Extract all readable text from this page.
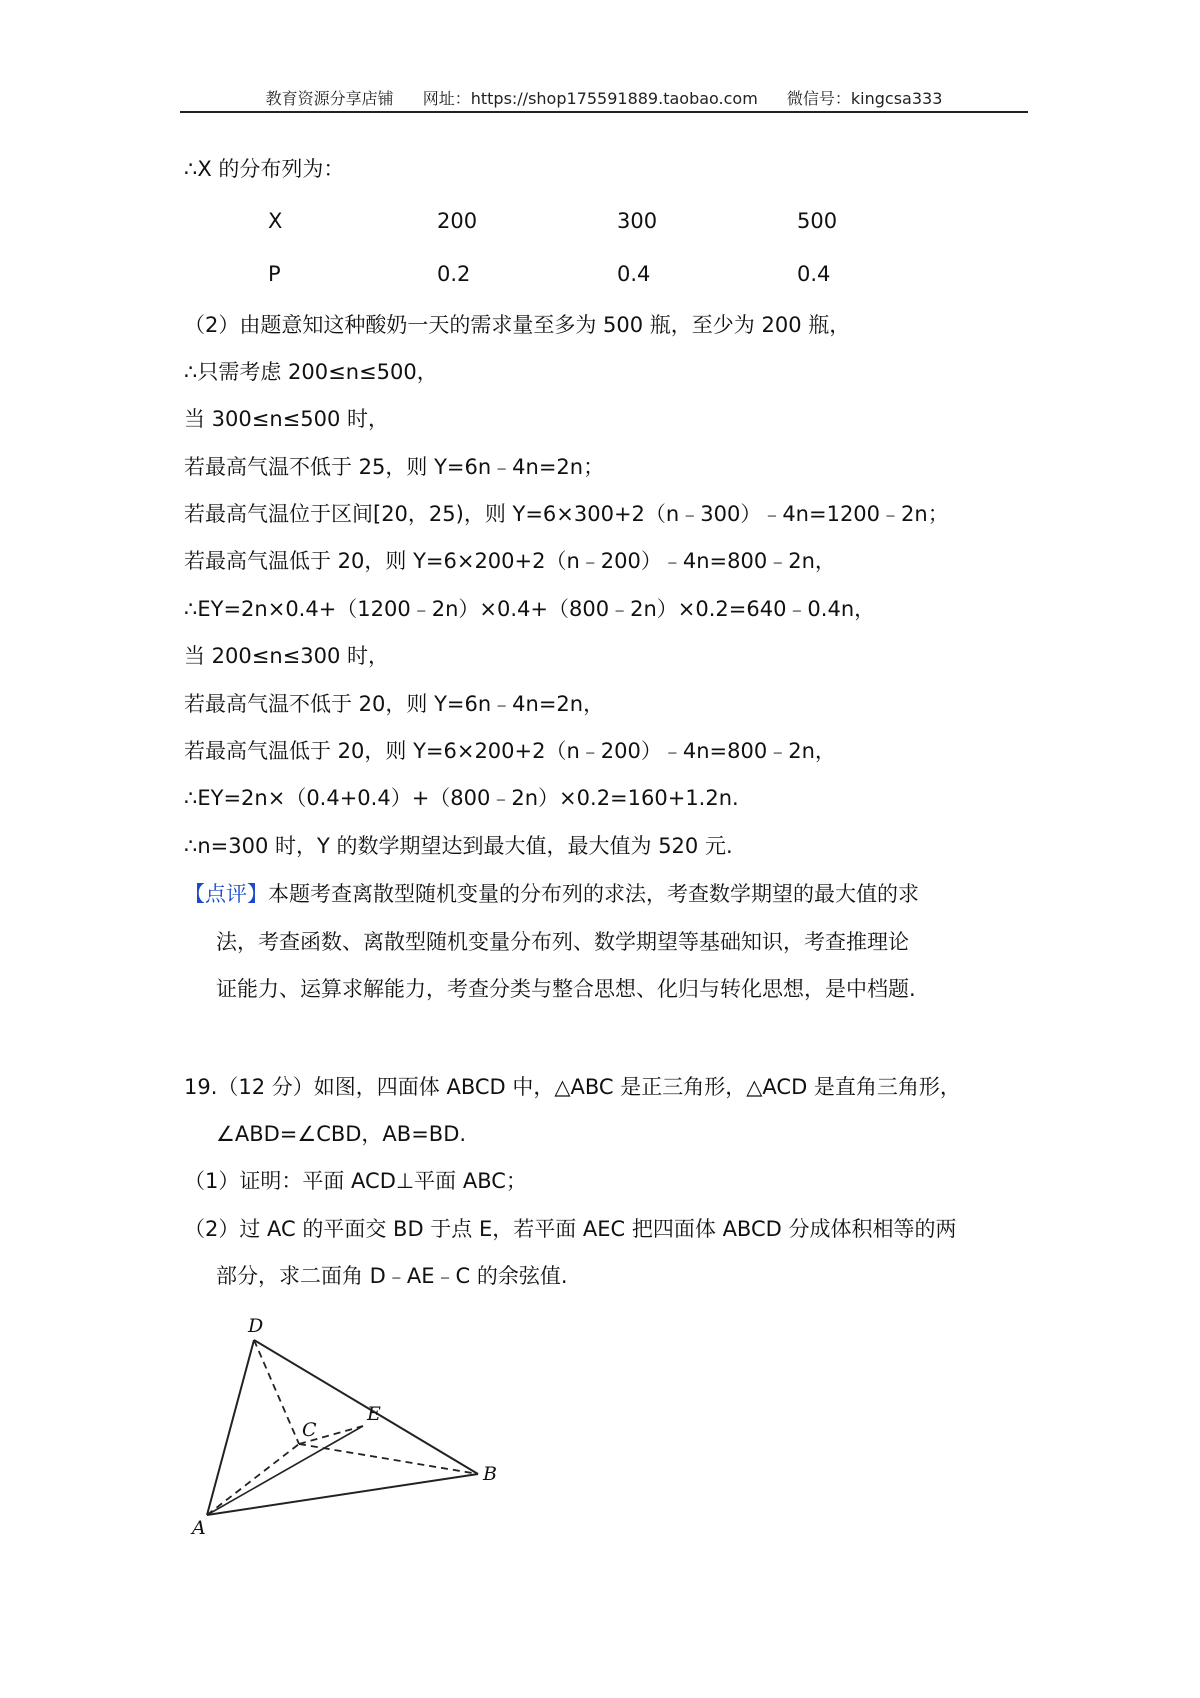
教育资源分享店铺 网址：https://shop175591889.taobao.com 微信号：kingcsa333
∴X 的分布列为：
X	200	300	500
P	0.2	0.4	0.4
（2）由题意知这种酸奶一天的需求量至多为 500 瓶，至少为 200 瓶，
∴只需考虑 200≤n≤500，
当 300≤n≤500 时，
若最高气温不低于 25，则 Y=6n﹣4n=2n；
若最高气温位于区间[20，25)，则 Y=6×300+2（n﹣300）﹣4n=1200﹣2n；
若最高气温低于 20，则 Y=6×200+2（n﹣200）﹣4n=800﹣2n，
∴EY=2n×0.4+（1200﹣2n）×0.4+（800﹣2n）×0.2=640﹣0.4n，
当 200≤n≤300 时，
若最高气温不低于 20，则 Y=6n﹣4n=2n，
若最高气温低于 20，则 Y=6×200+2（n﹣200）﹣4n=800﹣2n，
∴EY=2n×（0.4+0.4）+（800﹣2n）×0.2=160+1.2n.
∴n=300 时，Y 的数学期望达到最大值，最大值为 520 元.
【点评】本题考查离散型随机变量的分布列的求法，考查数学期望的最大值的求
法，考查函数、离散型随机变量分布列、数学期望等基础知识，考查推理论
证能力、运算求解能力，考查分类与整合思想、化归与转化思想，是中档题.
19.（12 分）如图，四面体 ABCD 中，△ABC 是正三角形，△ACD 是直角三角形，
∠ABD=∠CBD，AB=BD.
（1）证明：平面 ACD⊥平面 ABC；
（2）过 AC 的平面交 BD 于点 E，若平面 AEC 把四面体 ABCD 分成体积相等的两
部分，求二面角 D﹣AE﹣C 的余弦值.
D
C
E
B
A
